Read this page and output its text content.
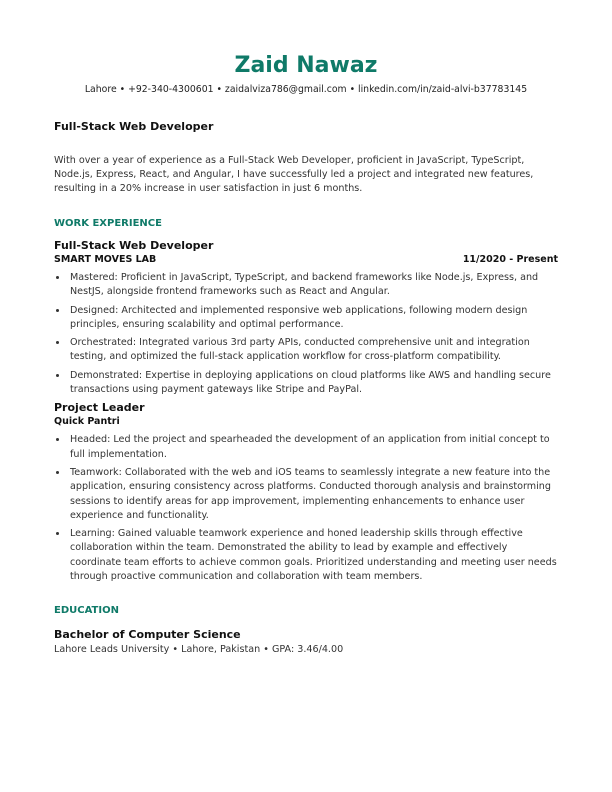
Zaid Nawaz
Lahore • +92-340-4300601 • zaidalviza786@gmail.com • linkedin.com/in/zaid-alvi-b37783145
Full-Stack Web Developer
With over a year of experience as a Full-Stack Web Developer, proficient in JavaScript, TypeScript, Node.js, Express, React, and Angular, I have successfully led a project and integrated new features, resulting in a 20% increase in user satisfaction in just 6 months.
WORK EXPERIENCE
Full-Stack Web Developer
SMART MOVES LAB	11/2020 - Present
• Mastered: Proficient in JavaScript, TypeScript, and backend frameworks like Node.js, Express, and NestJS, alongside frontend frameworks such as React and Angular.
• Designed: Architected and implemented responsive web applications, following modern design principles, ensuring scalability and optimal performance.
• Orchestrated: Integrated various 3rd party APIs, conducted comprehensive unit and integration testing, and optimized the full-stack application workflow for cross-platform compatibility.
• Demonstrated: Expertise in deploying applications on cloud platforms like AWS and handling secure transactions using payment gateways like Stripe and PayPal.
Project Leader
Quick Pantri
• Headed: Led the project and spearheaded the development of an application from initial concept to full implementation.
• Teamwork: Collaborated with the web and iOS teams to seamlessly integrate a new feature into the application, ensuring consistency across platforms. Conducted thorough analysis and brainstorming sessions to identify areas for app improvement, implementing enhancements to enhance user experience and functionality.
• Learning: Gained valuable teamwork experience and honed leadership skills through effective collaboration within the team. Demonstrated the ability to lead by example and effectively coordinate team efforts to achieve common goals. Prioritized understanding and meeting user needs through proactive communication and collaboration with team members.
EDUCATION
Bachelor of Computer Science
Lahore Leads University • Lahore, Pakistan • GPA: 3.46/4.00
